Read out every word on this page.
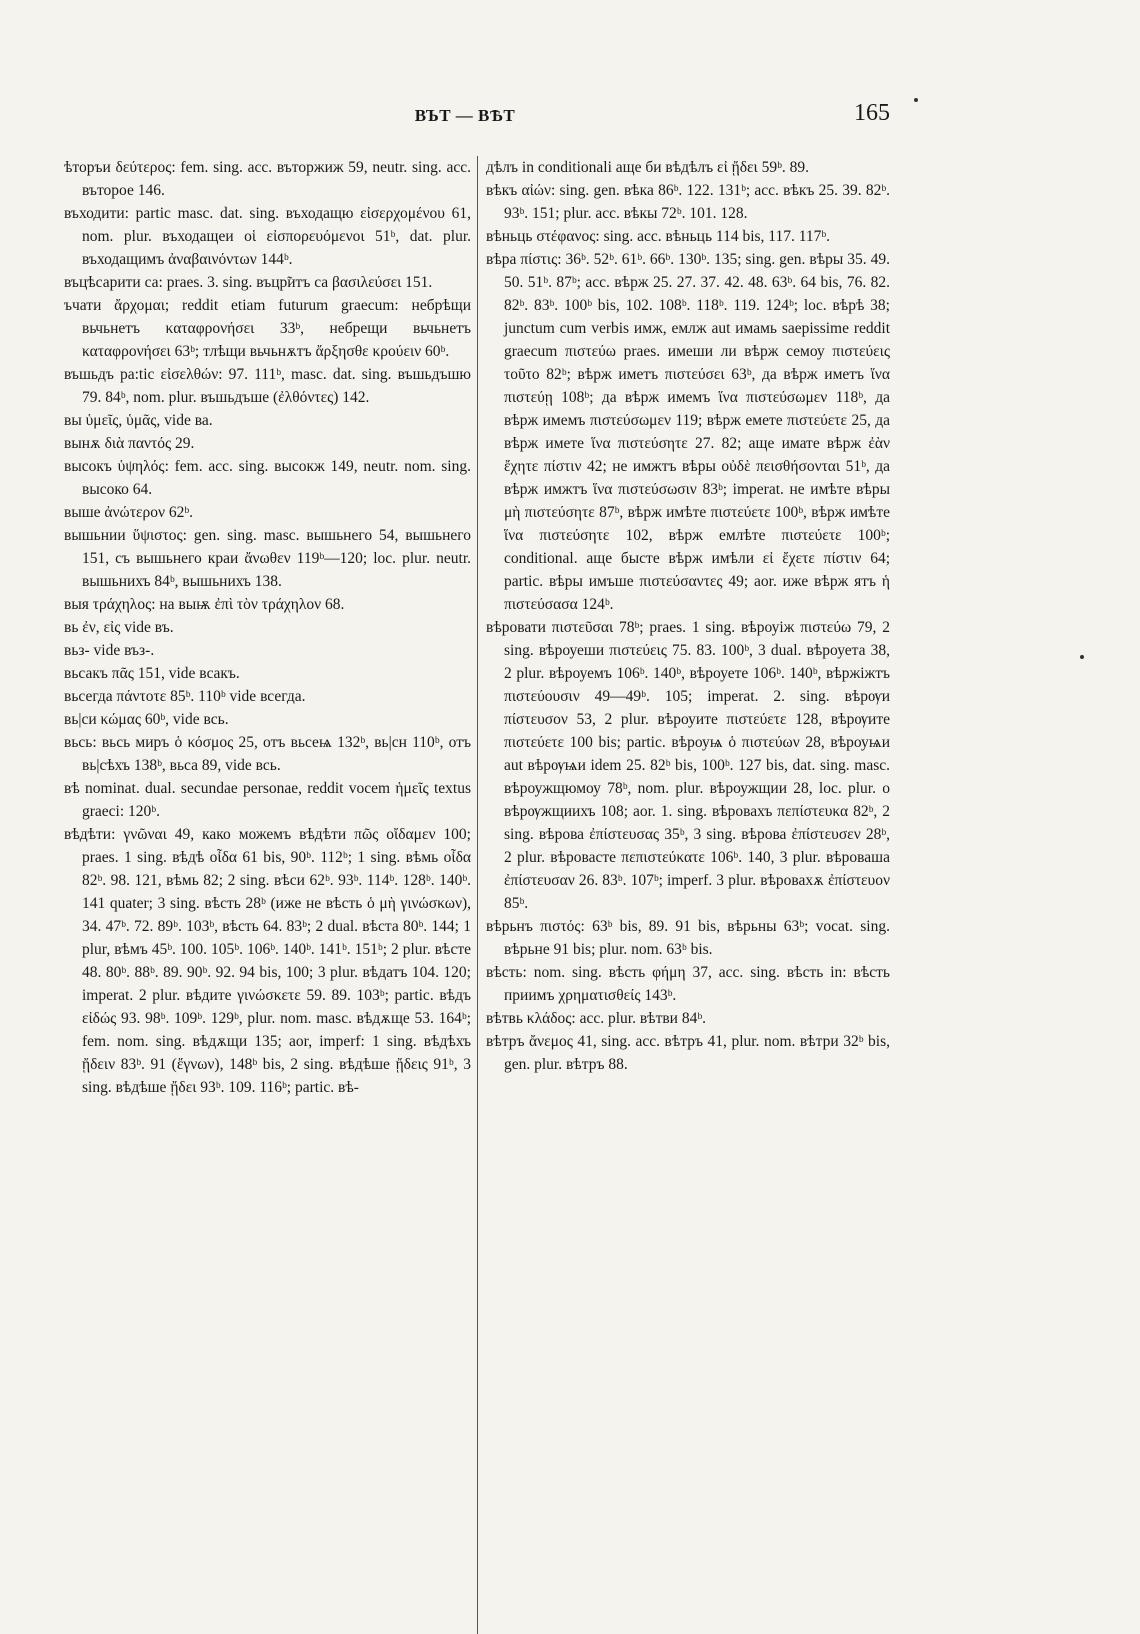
ВЪТ — ВѢТ	165

ѣторъи δεύτερος: fem. sing. acc. въторжиж 59, neutr. sing. acc. въторое 146.

въходити: partic masc. dat. sing. въходащю εἰσερχομένου 61, nom. plur. въходащеи οἱ εἰσπορευόμενοι 51ᵇ, dat. plur. въходащимъ ἀναβαινόντων 144ᵇ.

въцѣсарити са: praes. 3. sing. въцр̃итъ са βασιλεύσει 151.

ъчати ἄρχομαι; reddit etiam futurum graecum: небрѣщи вьчьнетъ καταφρονήσει 33ᵇ, небрещи вьчьнетъ καταφρονήσει 63ᵇ; тлѣщи вьчьнѫтъ ἄρξησθε κρούειν 60ᵇ.

въшьдъ pa:tic εἰσελθών: 97. 111ᵇ, masc. dat. sing. въшьдъшю 79. 84ᵇ, nom. plur. въшьдъше (ἐλθόντες) 142.

вы ὑμεῖς, ὑμᾶς, vide ва.

вынѫ διὰ παντός 29.

высокъ ὑψηλός: fem. acc. sing. высокж 149, neutr. nom. sing. высоко 64.

выше ἀνώτερον 62ᵇ.

вышьнии ὕψιστος: gen. sing. masc. вышьнего 54, вышьнего 151, съ вышьнего краи ἄνωθεν 119ᵇ—120; loc. plur. neutr. вышьнихъ 84ᵇ, вышьнихъ 138.

выя τράχηλος: на выѭ ἐπὶ τὸν τράχηλον 68.

вь ἐν, εἰς vide въ.

вьз- vide въз-.

вьсакъ πᾶς 151, vide вcакъ.

вьсегда πάντοτε 85ᵇ. 110ᵇ vide всегда.

вь|си κώμας 60ᵇ, vide вcь.

вьсь: вьсь миръ ὁ κόσμος 25, отъ вьсеѩ 132ᵇ, вь|сн 110ᵇ, отъ вь|сѣхъ 138ᵇ, вьса 89, vide всь.

вѣ nominat. dual. secundae personae, reddit vocem ἡμεῖς textus graeci: 120ᵇ.

вѣдѣти: γνῶναι 49, како можемъ вѣдѣти πῶς οἴδαμεν 100; praes. 1 sing. вѣдѣ οἶδα 61 bis, 90ᵇ. 112ᵇ; 1 sing. вѣмь οἶδα 82ᵇ. 98. 121, вѣмь 82; 2 sing. вѣси 62ᵇ. 93ᵇ. 114ᵇ. 128ᵇ. 140ᵇ. 141 quater; 3 sing. вѣсть 28ᵇ (иже не вѣсть ὁ μὴ γινώσκων), 34. 47ᵇ. 72. 89ᵇ. 103ᵇ, вѣсть 64. 83ᵇ; 2 dual. вѣста 80ᵇ. 144; 1 plur, вѣмъ 45ᵇ. 100. 105ᵇ. 106ᵇ. 140ᵇ. 141ᵇ. 151ᵇ; 2 plur. вѣсте 48. 80ᵇ. 88ᵇ. 89. 90ᵇ. 92. 94 bis, 100; 3 plur. вѣдатъ 104. 120; imperat. 2 plur. вѣдите γινώσκετε 59. 89. 103ᵇ; partic. вѣдъ εἰδώς 93. 98ᵇ. 109ᵇ. 129ᵇ, plur. nom. masc. вѣдѫще 53. 164ᵇ; fem. nom. sing. вѣдѫщи 135; aor, imperf: 1 sing. вѣдѣхъ ᾔδειν 83ᵇ. 91 (ἔγνων), 148ᵇ bis, 2 sing. вѣдѣше ᾔδεις 91ᵇ, 3 sing. вѣдѣше ᾔδει 93ᵇ. 109. 116ᵇ; partic. вѣ-

дѣлъ in conditionali аще би вѣдѣлъ εἰ ᾔδει 59ᵇ. 89.

вѣкъ αἰών: sing. gen. вѣка 86ᵇ. 122. 131ᵇ; acc. вѣкъ 25. 39. 82ᵇ. 93ᵇ. 151; plur. acc. вѣкы 72ᵇ. 101. 128.

вѣньць στέφανος: sing. acc. вѣньць 114 bis, 117. 117ᵇ.

вѣра πίστις: 36ᵇ. 52ᵇ. 61ᵇ. 66ᵇ. 130ᵇ. 135; sing. gen. вѣры 35. 49. 50. 51ᵇ. 87ᵇ; acc. вѣрж 25. 27. 37. 42. 48. 63ᵇ. 64 bis, 76. 82. 82ᵇ. 83ᵇ. 100ᵇ bis, 102. 108ᵇ. 118ᵇ. 119. 124ᵇ; loc. вѣрѣ 38; junctum cum verbis имж, емлж aut имамь saepissime reddit graecum πιστεύω praes. имеши ли вѣрж семоу πιστεύεις τοῦτο 82ᵇ; вѣрж иметъ πιστεύσει 63ᵇ, да вѣрж иметъ ἵνα πιστεύῃ 108ᵇ; да вѣрж имемъ ἵνα πιστεύσωμεν 118ᵇ, да вѣрж имемъ πιστεύσωμεν 119; вѣрж емете πιστεύετε 25, да вѣрж имете ἵνα πιστεύσητε 27. 82; аще имате вѣрж ἐὰν ἔχητε πίστιν 42; не имжтъ вѣры οὐδὲ πεισθήσονται 51ᵇ, да вѣрж имжтъ ἵνα πιστεύσωσιν 83ᵇ; imperat. не имѣте вѣры μὴ πιστεύσητε 87ᵇ, вѣрж имѣте πιστεύετε 100ᵇ, вѣрж имѣте ἵνα πιστεύσητε 102, вѣрж емлѣте πιστεύετε 100ᵇ; conditional. аще бысте вѣрж имѣли εἰ ἔχετε πίστιν 64; partic. вѣры имъше πιστεύσαντες 49; aor. иже вѣрж ятъ ἡ πιστεύσασα 124ᵇ.

вѣровати πιστεῦσαι 78ᵇ; praes. 1 sing. вѣроуіж πιστεύω 79, 2 sing. вѣроуеши πιστεύεις 75. 83. 100ᵇ, 3 dual. вѣроуета 38, 2 plur. вѣроуемъ 106ᵇ. 140ᵇ, вѣроуете 106ᵇ. 140ᵇ, вѣржіжтъ πιστεύουσιν 49—49ᵇ. 105; imperat. 2. sing. вѣрѹи πίστευσον 53, 2 plur. вѣроуите πιστεύετε 128, вѣрѹите πιστεύετε 100 bis; partic. вѣроуѩ ὁ πιστεύων 28, вѣроуѩи aut вѣрѹѩи idem 25. 82ᵇ bis, 100ᵇ. 127 bis, dat. sing. masc. вѣроужщюмоу 78ᵇ, nom. plur. вѣроужщии 28, loc. plur. о вѣрѹжщиихъ 108; aor. 1. sing. вѣровахъ πεπίστευκα 82ᵇ, 2 sing. вѣрова ἐπίστευσας 35ᵇ, 3 sing. вѣрова ἐπίστευσεν 28ᵇ, 2 plur. вѣровасте πεπιστεύκατε 106ᵇ. 140, 3 plur. вѣровашa ἐπίστευσαν 26. 83ᵇ. 107ᵇ; imperf. 3 plur. вѣровахѫ ἐπίστευον 85ᵇ.

вѣрьнъ πιστός: 63ᵇ bis, 89. 91 bis, вѣрьны 63ᵇ; vocat. sing. вѣрьне 91 bis; plur. nom. 63ᵇ bis.

вѣсть: nom. sing. вѣсть φήμη 37, acc. sing. вѣсть in: вѣсть приимъ χρηματισθείς 143ᵇ.

вѣтвь κλάδος: acc. plur. вѣтви 84ᵇ.

вѣтръ ἄνεμος 41, sing. acc. вѣтръ 41, plur. nom. вѣтри 32ᵇ bis, gen. plur. вѣтръ 88.
